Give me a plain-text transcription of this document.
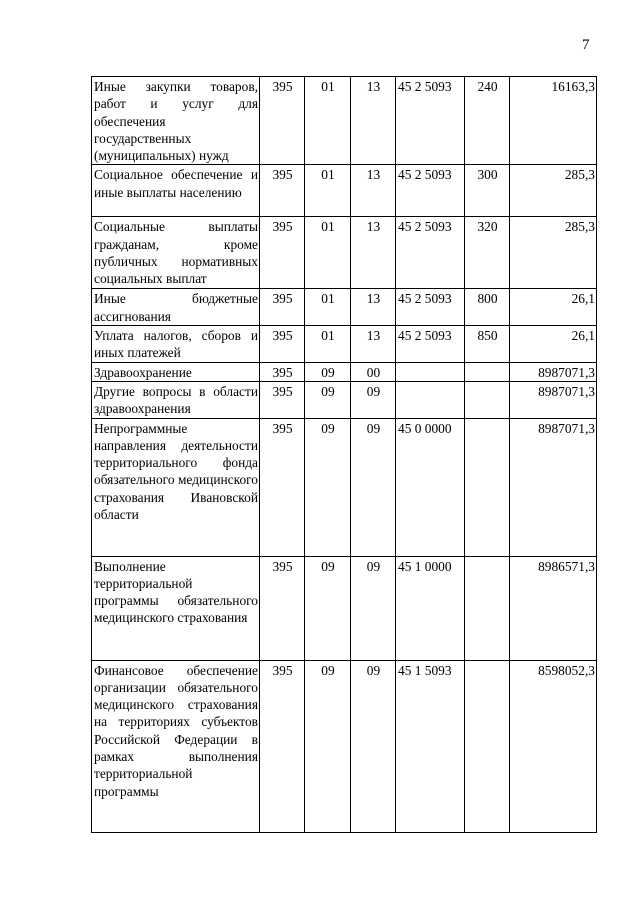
7
Иные закупки товаров, работ и услуг для обеспечения государственных (муниципальных) нужд	395	01	13	45 2 5093	240	16163,3
Социальное обеспечение и иные выплаты населению	395	01	13	45 2 5093	300	285,3
Социальные выплаты гражданам, кроме публичных нормативных социальных выплат	395	01	13	45 2 5093	320	285,3
Иные бюджетные ассигнования	395	01	13	45 2 5093	800	26,1
Уплата налогов, сборов и иных платежей	395	01	13	45 2 5093	850	26,1
Здравоохранение	395	09	00			8987071,3
Другие вопросы в области здравоохранения	395	09	09			8987071,3
Непрограммные направления деятельности территориального фонда обязательного медицинского страхования Ивановской области	395	09	09	45 0 0000		8987071,3
Выполнение территориальной программы обязательного медицинского страхования	395	09	09	45 1 0000		8986571,3
Финансовое обеспечение организации обязательного медицинского страхования на территориях субъектов Российской Федерации в рамках выполнения территориальной программы	395	09	09	45 1 5093		8598052,3
